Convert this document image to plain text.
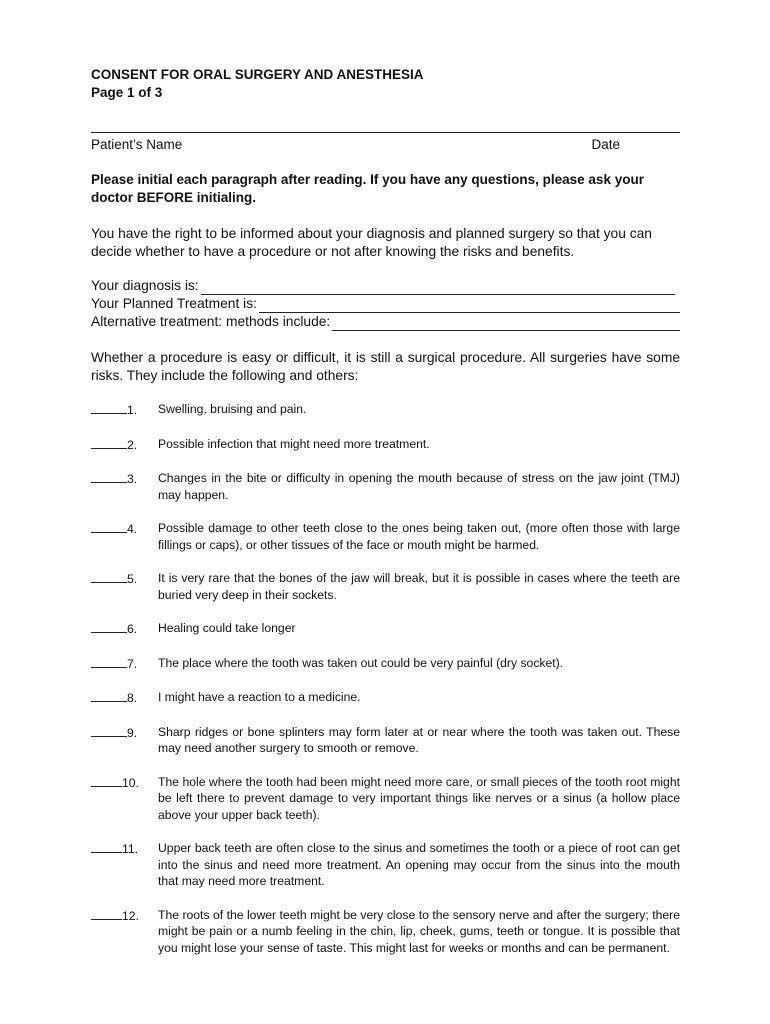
CONSENT FOR ORAL SURGERY AND ANESTHESIA

Page 1 of 3

Patient’s Name	Date
Please initial each paragraph after reading. If you have any questions, please ask your doctor BEFORE initialing.
You have the right to be informed about your diagnosis and planned surgery so that you can decide whether to have a procedure or not after knowing the risks and benefits.
Your diagnosis is:
Your Planned Treatment is:
Alternative treatment: methods include:
Whether a procedure is easy or difficult, it is still a surgical procedure. All surgeries have some risks. They include the following and others:
1.	Swelling, bruising and pain.
2.	Possible infection that might need more treatment.
3.	Changes in the bite or difficulty in opening the mouth because of stress on the jaw joint (TMJ) may happen.
4.	Possible damage to other teeth close to the ones being taken out, (more often those with large fillings or caps), or other tissues of the face or mouth might be harmed.
5.	It is very rare that the bones of the jaw will break, but it is possible in cases where the teeth are buried very deep in their sockets.
6.	Healing could take longer
7.	The place where the tooth was taken out could be very painful (dry socket).
8.	I might have a reaction to a medicine.
9.	Sharp ridges or bone splinters may form later at or near where the tooth was taken out. These may need another surgery to smooth or remove.
10.	The hole where the tooth had been might need more care, or small pieces of the tooth root might be left there to prevent damage to very important things like nerves or a sinus (a hollow place above your upper back teeth).
11.	Upper back teeth are often close to the sinus and sometimes the tooth or a piece of root can get into the sinus and need more treatment. An opening may occur from the sinus into the mouth that may need more treatment.
12.	The roots of the lower teeth might be very close to the sensory nerve and after the surgery; there might be pain or a numb feeling in the chin, lip, cheek, gums, teeth or tongue. It is possible that you might lose your sense of taste. This might last for weeks or months and can be permanent.
